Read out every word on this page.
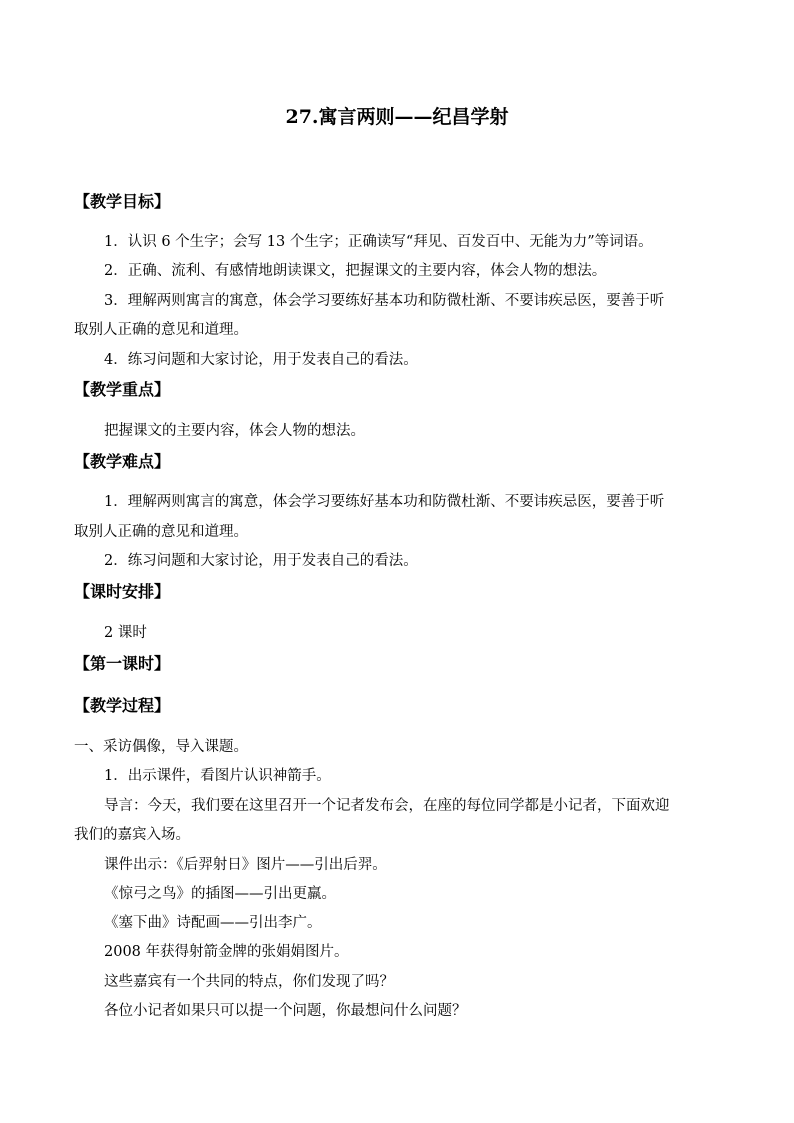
27.寓言两则——纪昌学射
【教学目标】
1．认识 6 个生字；会写 13 个生字；正确读写“拜见、百发百中、无能为力”等词语。
2．正确、流利、有感情地朗读课文，把握课文的主要内容，体会人物的想法。
3．理解两则寓言的寓意，体会学习要练好基本功和防微杜渐、不要讳疾忌医，要善于听
取别人正确的意见和道理。
4．练习问题和大家讨论，用于发表自己的看法。
【教学重点】
把握课文的主要内容，体会人物的想法。
【教学难点】
1．理解两则寓言的寓意，体会学习要练好基本功和防微杜渐、不要讳疾忌医，要善于听
取别人正确的意见和道理。
2．练习问题和大家讨论，用于发表自己的看法。
【课时安排】
2 课时
【第一课时】
【教学过程】
一、采访偶像，导入课题。
1．出示课件，看图片认识神箭手。
导言：今天，我们要在这里召开一个记者发布会，在座的每位同学都是小记者，下面欢迎
我们的嘉宾入场。
课件出示：《后羿射日》图片——引出后羿。
《惊弓之鸟》的插图——引出更羸。
《塞下曲》诗配画——引出李广。
2008 年获得射箭金牌的张娟娟图片。
这些嘉宾有一个共同的特点，你们发现了吗？
各位小记者如果只可以提一个问题，你最想问什么问题？
